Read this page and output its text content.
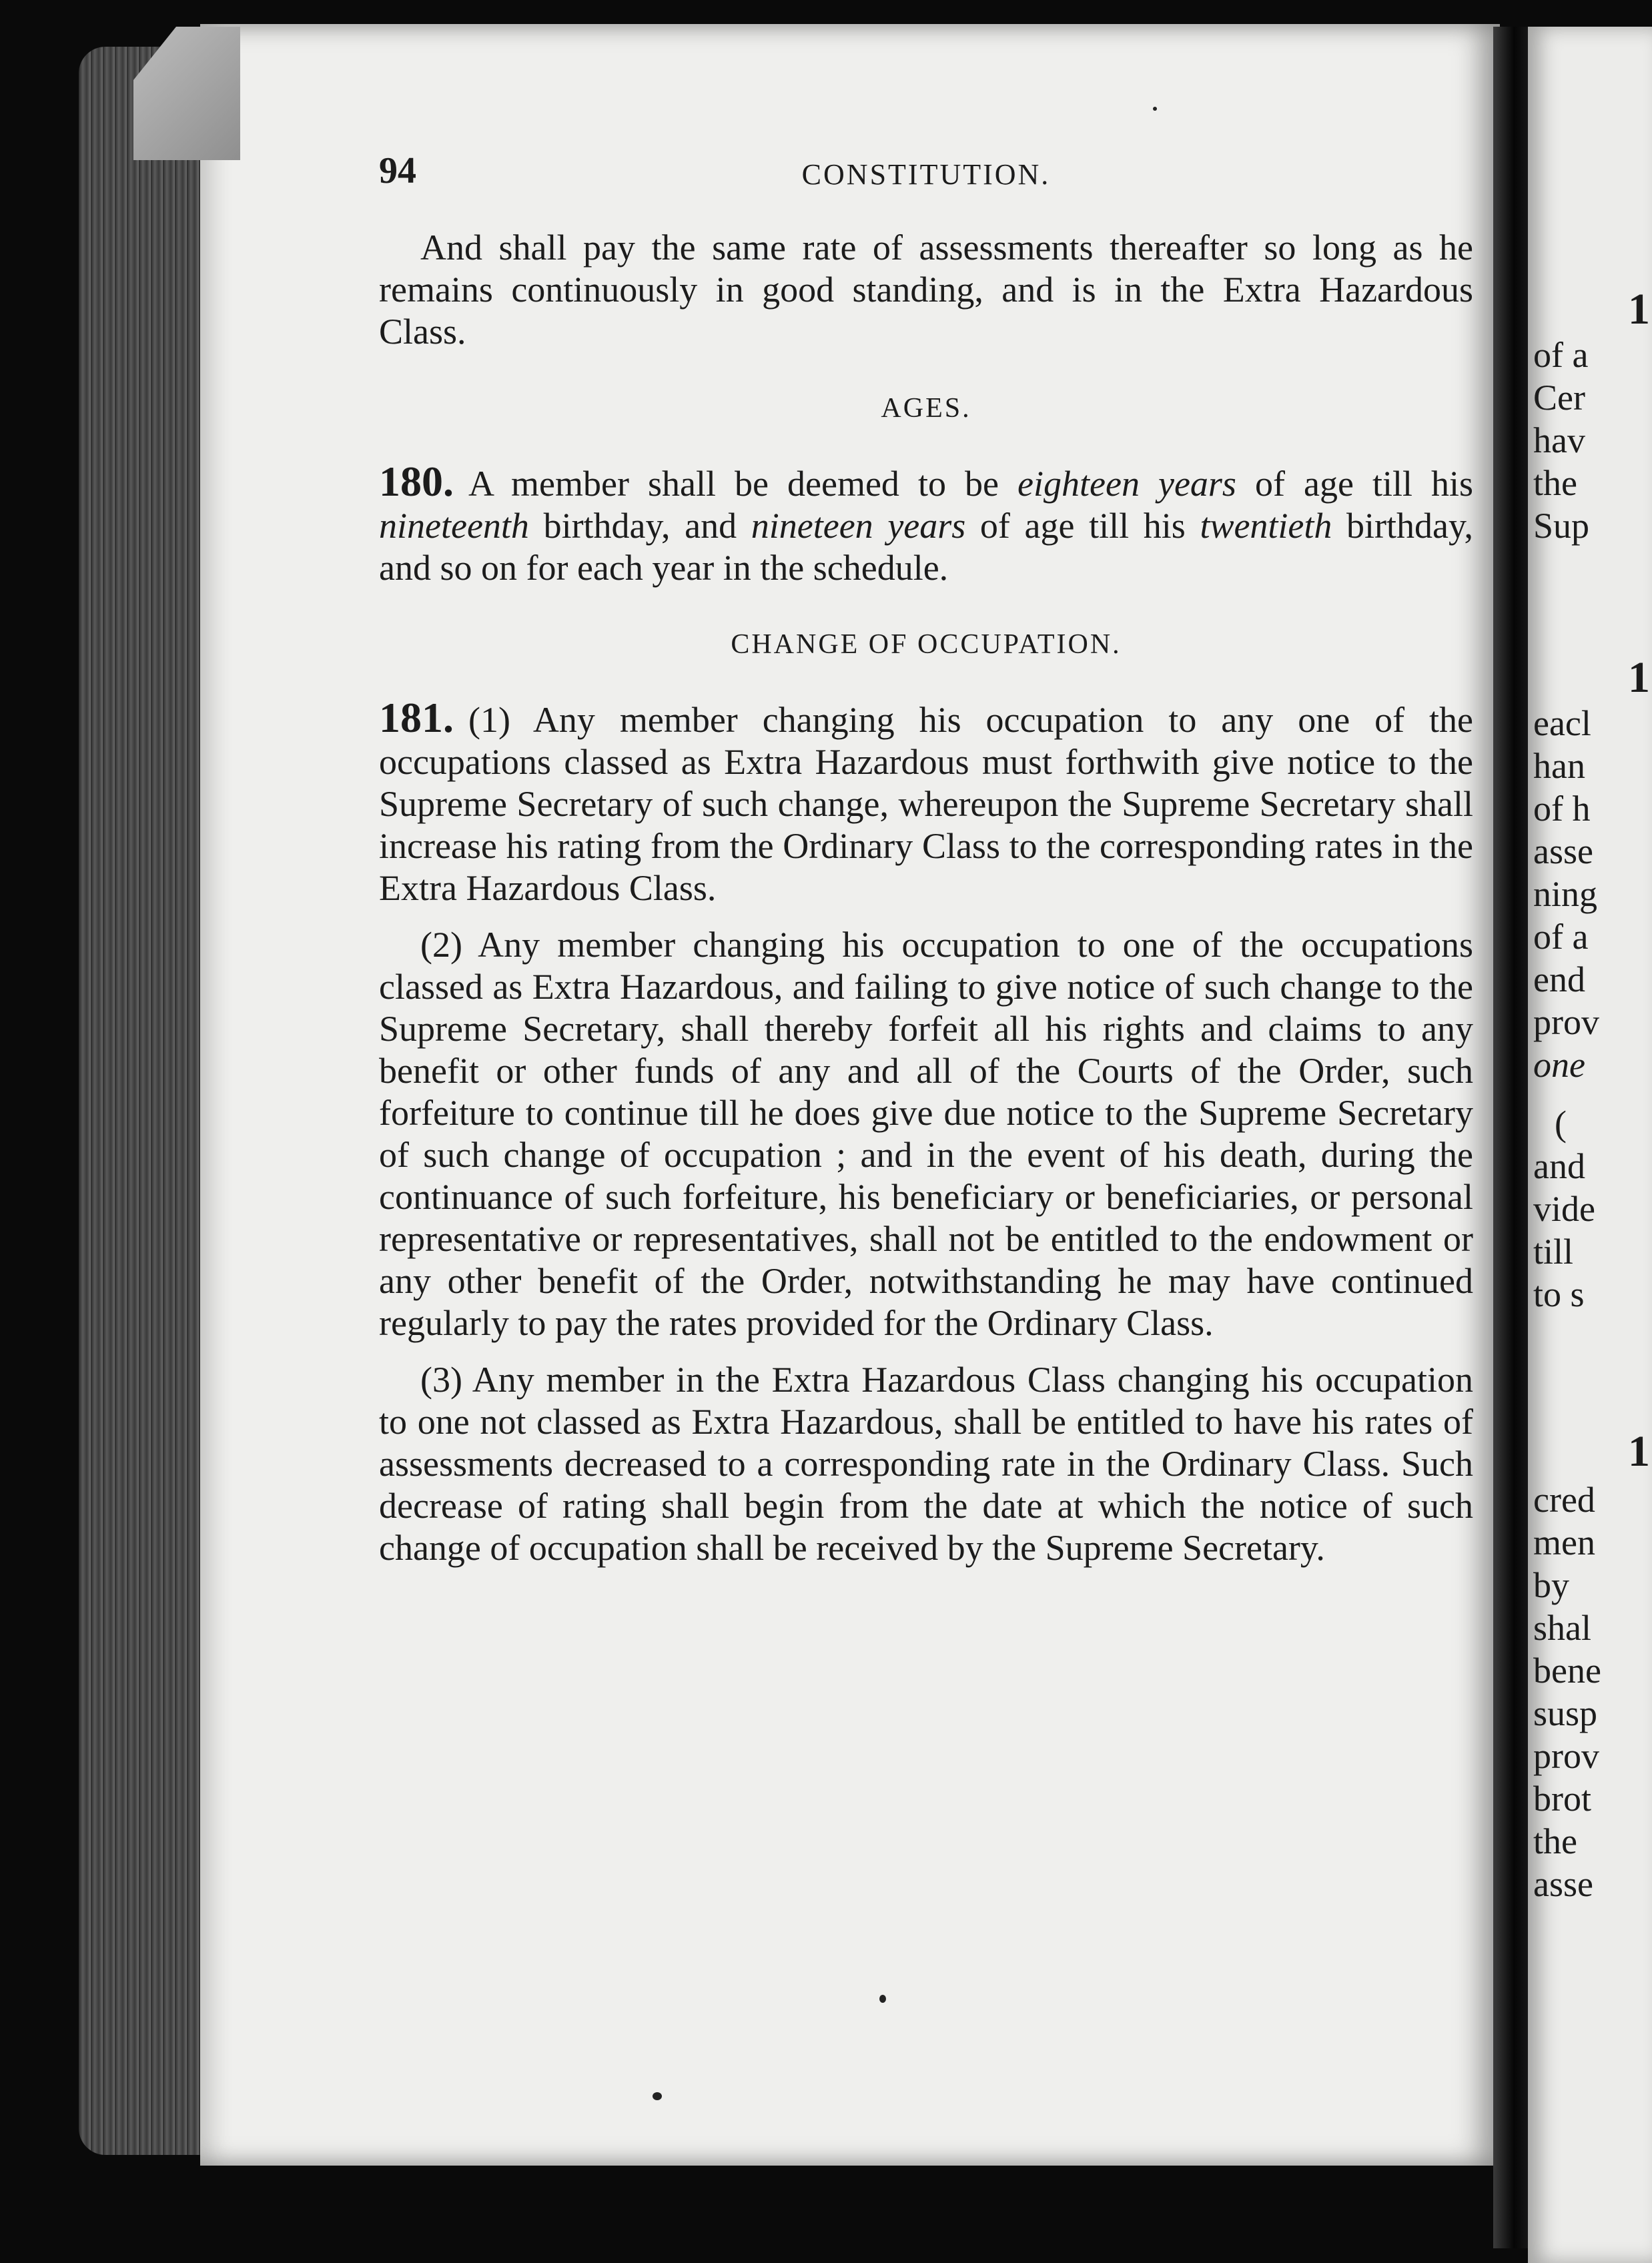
1
of a
Cer
hav
the
Sup
1
eacl
han
of h
asse
ning
of a
end
prov
one
(
and
vide
till
to s
1
cred
men
by
shal
bene
susp
prov
brot
the
asse
94	CONSTITUTION.

And shall pay the same rate of assessments thereafter so long as he remains continuously in good standing, and is in the Extra Hazardous Class.

AGES.

180. A member shall be deemed to be eighteen years of age till his nineteenth birthday, and nineteen years of age till his twentieth birthday, and so on for each year in the schedule.

CHANGE OF OCCUPATION.

181. (1) Any member changing his occupation to any one of the occupations classed as Extra Hazardous must forthwith give notice to the Supreme Secretary of such change, whereupon the Supreme Secretary shall increase his rating from the Ordinary Class to the corresponding rates in the Extra Hazardous Class.

(2) Any member changing his occupation to one of the occupations classed as Extra Hazardous, and failing to give notice of such change to the Supreme Secretary, shall thereby forfeit all his rights and claims to any benefit or other funds of any and all of the Courts of the Order, such forfeiture to continue till he does give due notice to the Supreme Secretary of such change of occupation ; and in the event of his death, during the continuance of such forfeiture, his beneficiary or beneficiaries, or personal representative or representatives, shall not be entitled to the endowment or any other benefit of the Order, notwithstanding he may have continued regularly to pay the rates provided for the Ordinary Class.

(3) Any member in the Extra Hazardous Class changing his occupation to one not classed as Extra Hazardous, shall be entitled to have his rates of assessments decreased to a corresponding rate in the Ordinary Class. Such decrease of rating shall begin from the date at which the notice of such change of occupation shall be received by the Supreme Secretary.
